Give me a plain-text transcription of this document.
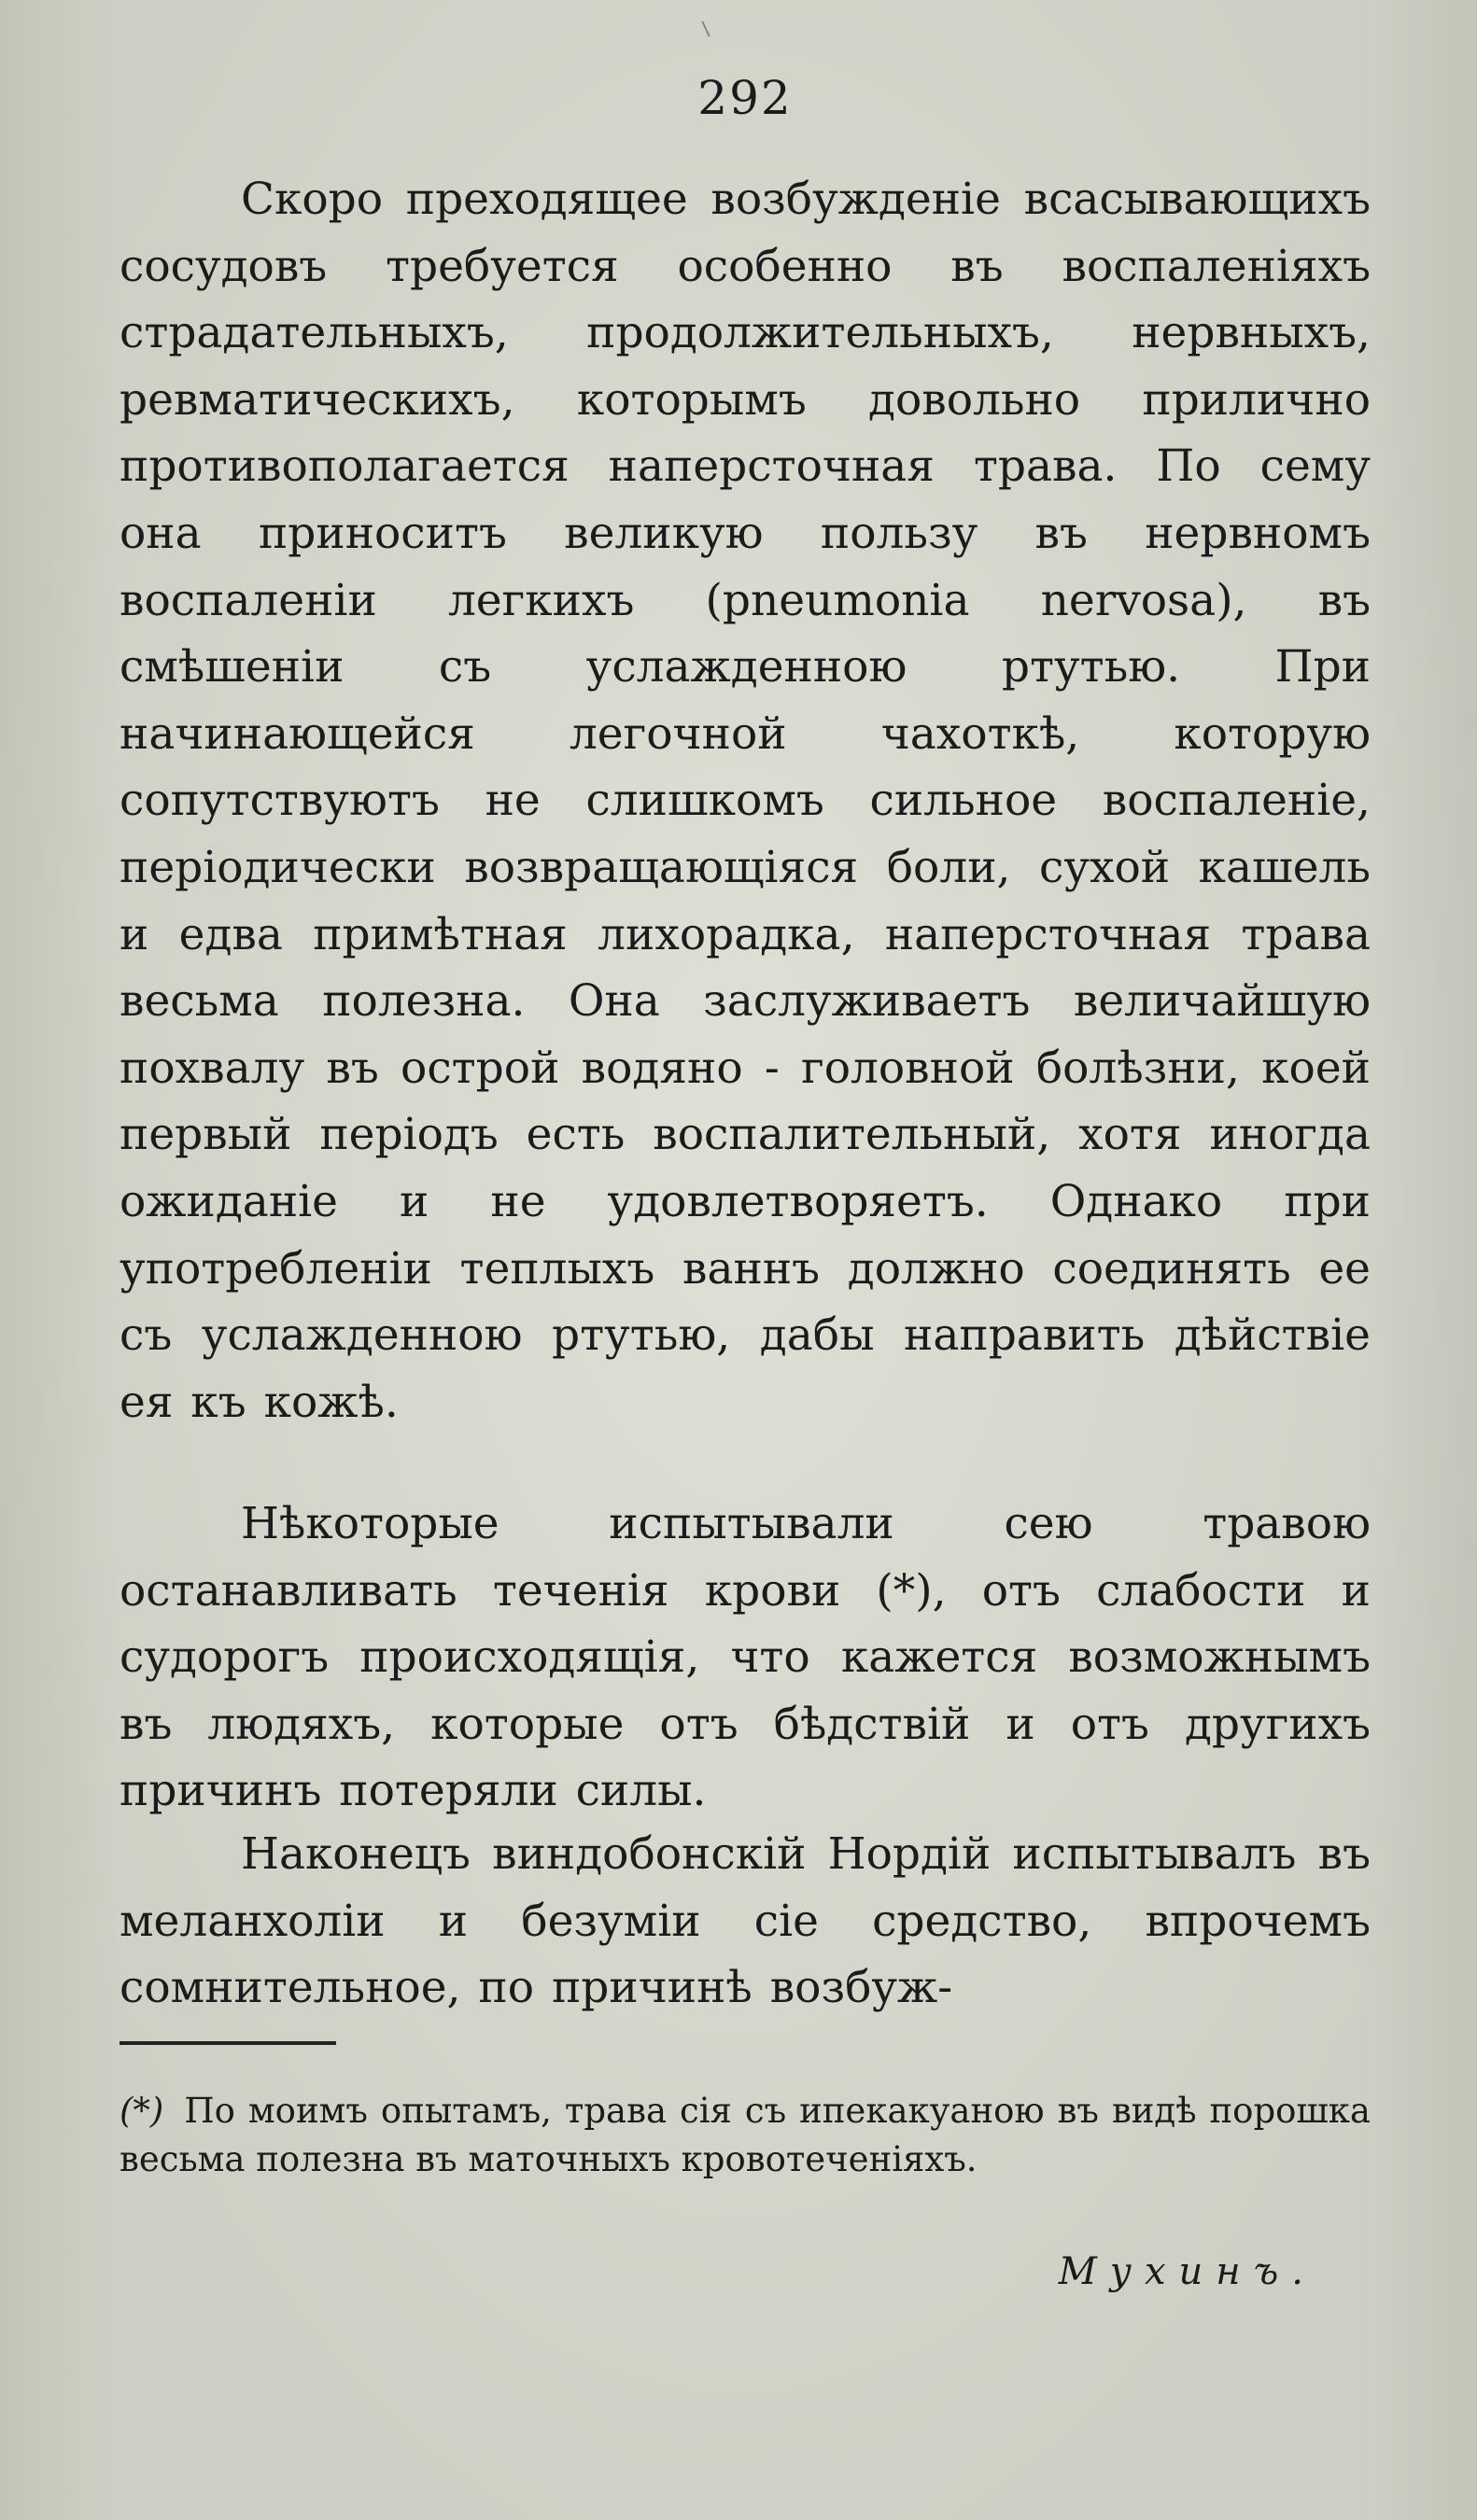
292

Скоро преходящее возбужденіе всасывающихъ сосудовъ требуется особенно въ воспаленіяхъ страдательныхъ, продолжительныхъ, нервныхъ, ревматическихъ, которымъ довольно прилично противополагается наперсточная трава. По сему она приноситъ великую пользу въ нервномъ воспаленіи легкихъ (pneumonia nervosa), въ смѣшеніи съ услажденною ртутью. При начинающейся легочной чахоткѣ, которую сопутствуютъ не слишкомъ сильное воспаленіе, періодически возвращающіяся боли, сухой кашель и едва примѣтная лихорадка, наперсточная трава весьма полезна. Она заслуживаетъ величайшую похвалу въ острой водяно - головной болѣзни, коей первый періодъ есть воспалительный, хотя иногда ожиданіе и не удовлетворяетъ. Однако при употребленіи теплыхъ ваннъ должно соединять ее съ услажденною ртутью, дабы направить дѣйствіе ея къ кожѣ.

Нѣкоторые испытывали сею травою останавливать теченія крови (*), отъ слабости и судорогъ происходящія, что кажется возможнымъ въ людяхъ, которые отъ бѣдствій и отъ другихъ причинъ потеряли силы.

Наконецъ виндобонскій Нордій испытывалъ въ меланхоліи и безуміи сіе средство, впрочемъ сомнительное, по причинѣ возбуж-

(*) По моимъ опытамъ, трава сія съ ипекакуаною въ видѣ порошка весьма полезна въ маточныхъ кровотеченіяхъ.

Мухинъ.
